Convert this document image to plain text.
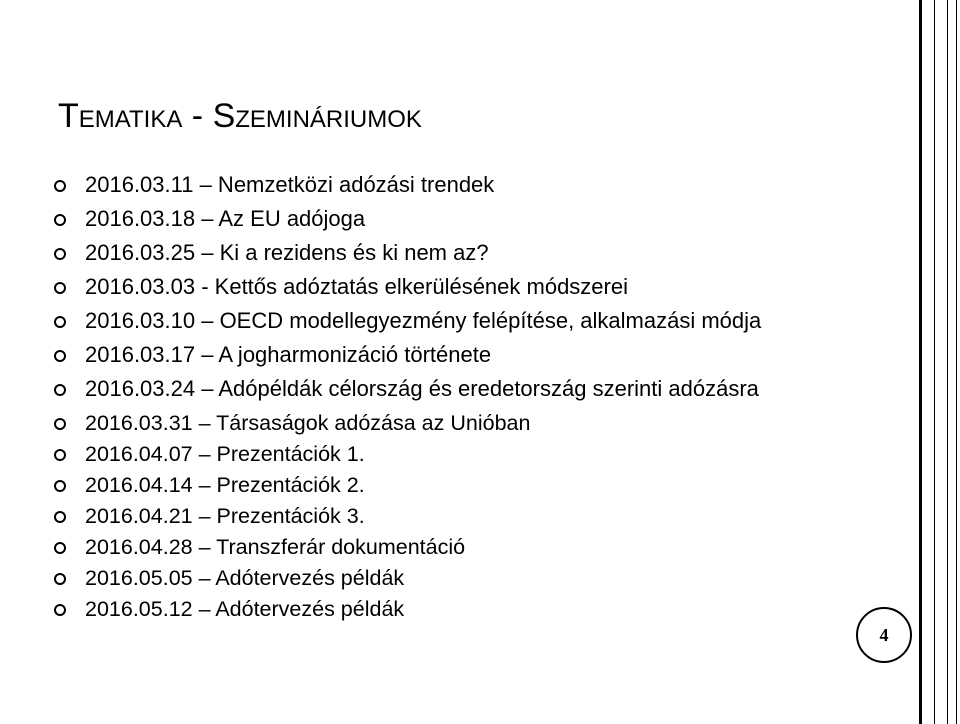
Tematika - Szemináriumok
2016.03.11 – Nemzetközi adózási trendek
2016.03.18 – Az EU adójoga
2016.03.25 – Ki a rezidens és ki nem az?
2016.03.03 - Kettős adóztatás elkerülésének módszerei
2016.03.10 – OECD modellegyezmény felépítése, alkalmazási módja
2016.03.17 – A jogharmonizáció története
2016.03.24 – Adópéldák célország és eredetország szerinti adózásra
2016.03.31 – Társaságok adózása az Unióban
2016.04.07 – Prezentációk 1.
2016.04.14 – Prezentációk 2.
2016.04.21 – Prezentációk 3.
2016.04.28 – Transzferár dokumentáció
2016.05.05 – Adótervezés példák
2016.05.12 – Adótervezés példák
4
